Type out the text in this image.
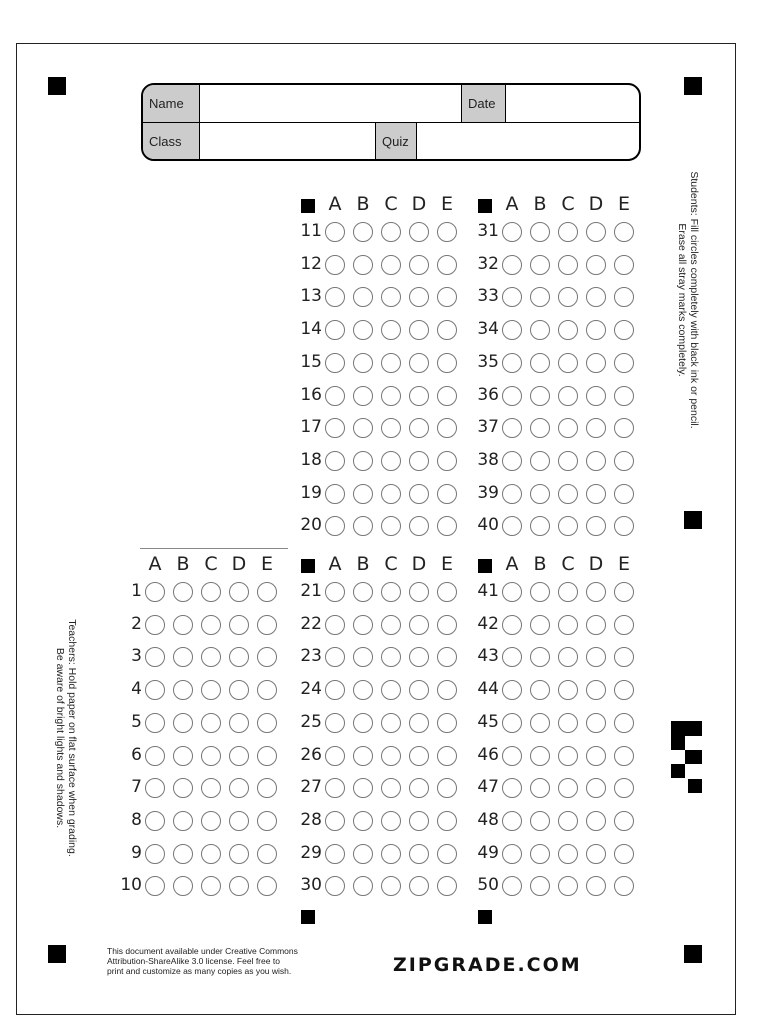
Name	Date
Class	Quiz
A B C D E
1
2
3
4
5
6
7
8
9
10
A B C D E
11
12
13
14
15
16
17
18
19
20
A B C D E
21
22
23
24
25
26
27
28
29
30
A B C D E
31
32
33
34
35
36
37
38
39
40
A B C D E
41
42
43
44
45
46
47
48
49
50
Students: Fill circles completely with black ink or pencil.
Erase all stray marks completely.
Teachers: Hold paper on flat surface when grading.
Be aware of bright lights and shadows.
This document available under Creative Commons
Attribution-ShareAlike 3.0 license. Feel free to
print and customize as many copies as you wish.	ZIPGRADE.COM
